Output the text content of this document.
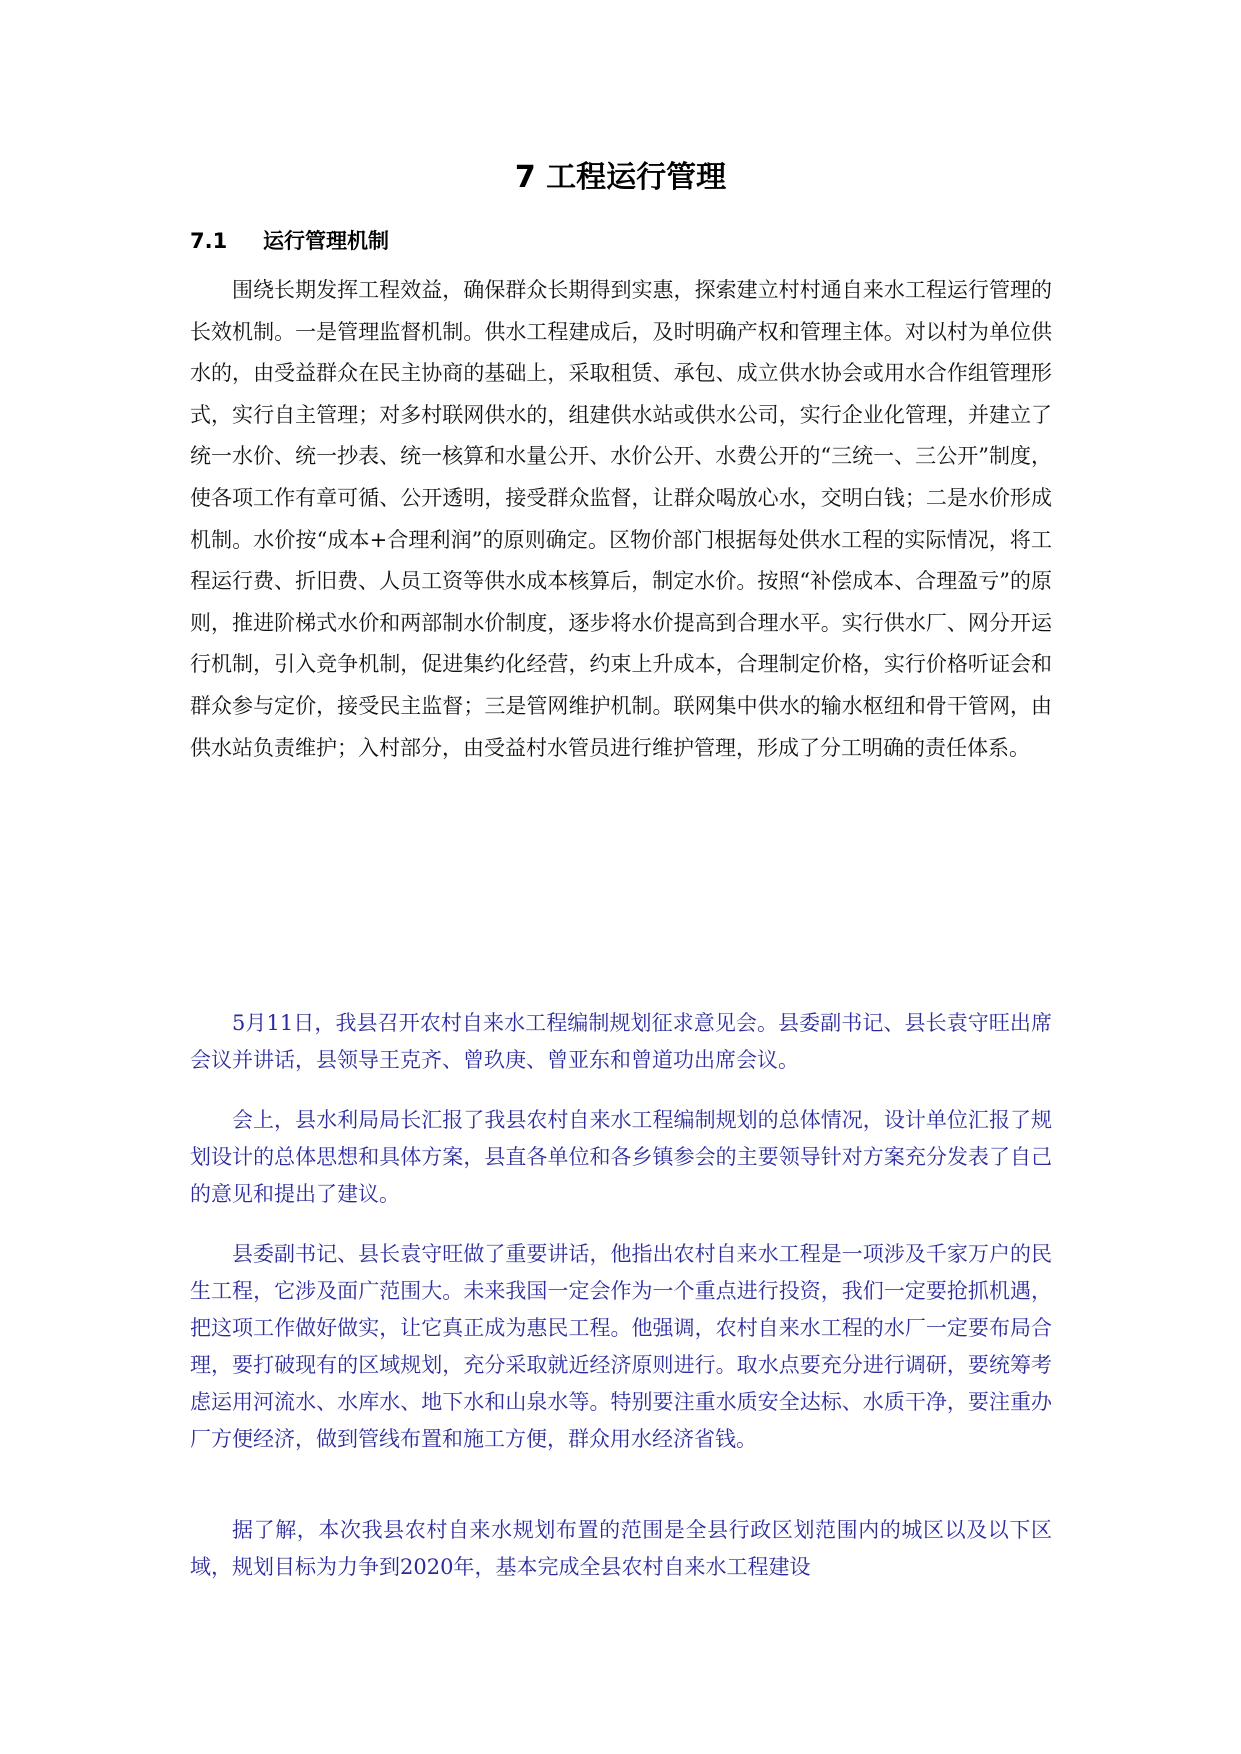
7 工程运行管理
7.1 运行管理机制

围绕长期发挥工程效益，确保群众长期得到实惠，探索建立村村通自来水工程运行管理的长效机制。一是管理监督机制。供水工程建成后，及时明确产权和管理主体。对以村为单位供水的，由受益群众在民主协商的基础上，采取租赁、承包、成立供水协会或用水合作组管理形式，实行自主管理；对多村联网供水的，组建供水站或供水公司，实行企业化管理，并建立了统一水价、统一抄表、统一核算和水量公开、水价公开、水费公开的“三统一、三公开”制度，使各项工作有章可循、公开透明，接受群众监督，让群众喝放心水，交明白钱；二是水价形成机制。水价按“成本+合理利润”的原则确定。区物价部门根据每处供水工程的实际情况，将工程运行费、折旧费、人员工资等供水成本核算后，制定水价。按照“补偿成本、合理盈亏”的原则，推进阶梯式水价和两部制水价制度，逐步将水价提高到合理水平。实行供水厂、网分开运行机制，引入竞争机制，促进集约化经营，约束上升成本，合理制定价格，实行价格听证会和群众参与定价，接受民主监督；三是管网维护机制。联网集中供水的输水枢纽和骨干管网，由供水站负责维护；入村部分，由受益村水管员进行维护管理，形成了分工明确的责任体系。

5月11日，我县召开农村自来水工程编制规划征求意见会。县委副书记、县长袁守旺出席会议并讲话，县领导王克齐、曾玖庚、曾亚东和曾道功出席会议。

会上，县水利局局长汇报了我县农村自来水工程编制规划的总体情况，设计单位汇报了规划设计的总体思想和具体方案，县直各单位和各乡镇参会的主要领导针对方案充分发表了自己的意见和提出了建议。

县委副书记、县长袁守旺做了重要讲话，他指出农村自来水工程是一项涉及千家万户的民生工程，它涉及面广范围大。未来我国一定会作为一个重点进行投资，我们一定要抢抓机遇，把这项工作做好做实，让它真正成为惠民工程。他强调，农村自来水工程的水厂一定要布局合理，要打破现有的区域规划，充分采取就近经济原则进行。取水点要充分进行调研，要统筹考虑运用河流水、水库水、地下水和山泉水等。特别要注重水质安全达标、水质干净，要注重办厂方便经济，做到管线布置和施工方便，群众用水经济省钱。

据了解，本次我县农村自来水规划布置的范围是全县行政区划范围内的城区以及以下区域，规划目标为力争到2020年，基本完成全县农村自来水工程建设
